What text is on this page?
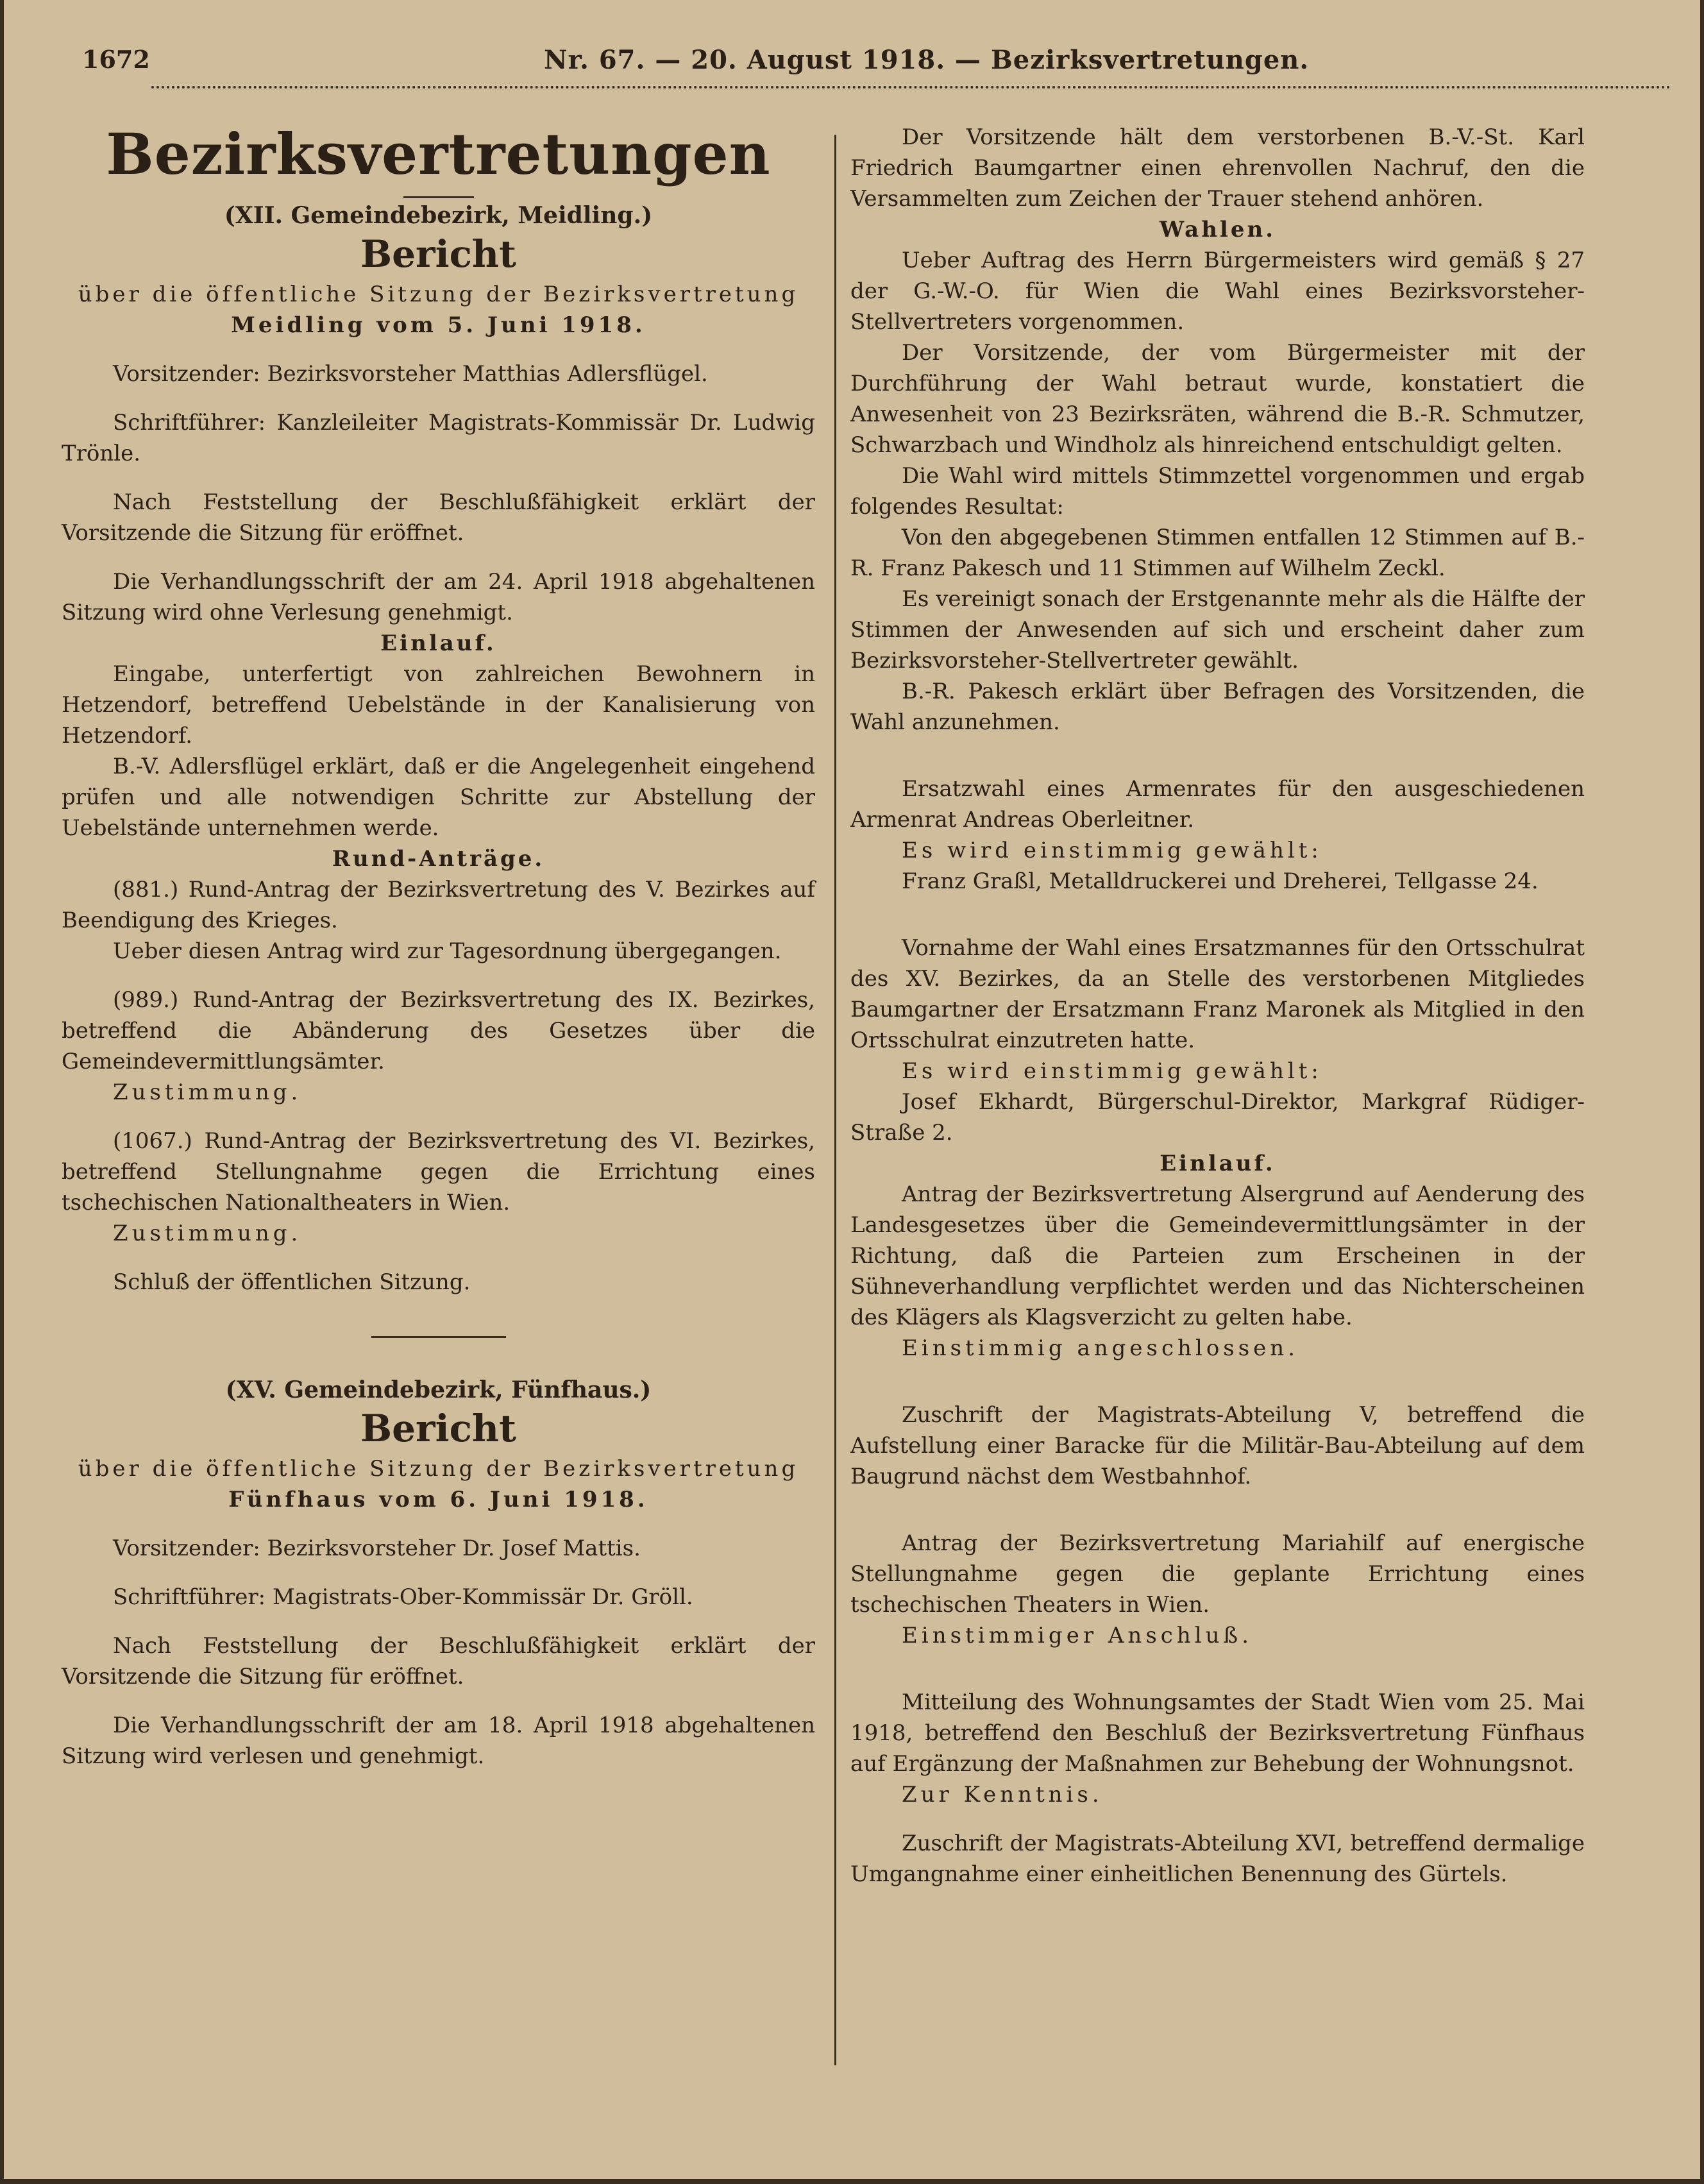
1672	Nr. 67. — 20. August 1918. — Bezirksvertretungen.

Bezirksvertretungen

(XII. Gemeindebezirk, Meidling.)

Bericht

über die öffentliche Sitzung der Bezirksvertretung

Meidling vom 5. Juni 1918.

Vorsitzender: Bezirksvorsteher Matthias Adlersflügel.

Schriftführer: Kanzleileiter Magistrats-Kommissär Dr. Ludwig Trönle.

Nach Feststellung der Beschlußfähigkeit erklärt der Vorsitzende die Sitzung für eröffnet.

Die Verhandlungsschrift der am 24. April 1918 abgehaltenen Sitzung wird ohne Verlesung genehmigt.

Einlauf.

Eingabe, unterfertigt von zahlreichen Bewohnern in Hetzendorf, betreffend Uebelstände in der Kanalisierung von Hetzendorf.

B.-V. Adlersflügel erklärt, daß er die Angelegenheit eingehend prüfen und alle notwendigen Schritte zur Abstellung der Uebelstände unternehmen werde.

Rund-Anträge.

(881.) Rund-Antrag der Bezirksvertretung des V. Bezirkes auf Beendigung des Krieges.

Ueber diesen Antrag wird zur Tagesordnung übergegangen.

(989.) Rund-Antrag der Bezirksvertretung des IX. Bezirkes, betreffend die Abänderung des Gesetzes über die Gemeindevermittlungsämter.

Zustimmung.

(1067.) Rund-Antrag der Bezirksvertretung des VI. Bezirkes, betreffend Stellungnahme gegen die Errichtung eines tschechischen Nationaltheaters in Wien.

Zustimmung.

Schluß der öffentlichen Sitzung.

(XV. Gemeindebezirk, Fünfhaus.)

Bericht

über die öffentliche Sitzung der Bezirksvertretung

Fünfhaus vom 6. Juni 1918.

Vorsitzender: Bezirksvorsteher Dr. Josef Mattis.

Schriftführer: Magistrats-Ober-Kommissär Dr. Gröll.

Nach Feststellung der Beschlußfähigkeit erklärt der Vorsitzende die Sitzung für eröffnet.

Die Verhandlungsschrift der am 18. April 1918 abgehaltenen Sitzung wird verlesen und genehmigt.

Der Vorsitzende hält dem verstorbenen B.-V.-St. Karl Friedrich Baumgartner einen ehrenvollen Nachruf, den die Versammelten zum Zeichen der Trauer stehend anhören.

Wahlen.

Ueber Auftrag des Herrn Bürgermeisters wird gemäß § 27 der G.-W.-O. für Wien die Wahl eines Bezirksvorsteher-Stellvertreters vorgenommen.

Der Vorsitzende, der vom Bürgermeister mit der Durchführung der Wahl betraut wurde, konstatiert die Anwesenheit von 23 Bezirksräten, während die B.-R. Schmutzer, Schwarzbach und Windholz als hinreichend entschuldigt gelten.

Die Wahl wird mittels Stimmzettel vorgenommen und ergab folgendes Resultat:

Von den abgegebenen Stimmen entfallen 12 Stimmen auf B.-R. Franz Pakesch und 11 Stimmen auf Wilhelm Zeckl.

Es vereinigt sonach der Erstgenannte mehr als die Hälfte der Stimmen der Anwesenden auf sich und erscheint daher zum Bezirksvorsteher-Stellvertreter gewählt.

B.-R. Pakesch erklärt über Befragen des Vorsitzenden, die Wahl anzunehmen.

Ersatzwahl eines Armenrates für den ausgeschiedenen Armenrat Andreas Oberleitner.

Es wird einstimmig gewählt:

Franz Graßl, Metalldruckerei und Dreherei, Tellgasse 24.

Vornahme der Wahl eines Ersatzmannes für den Ortsschulrat des XV. Bezirkes, da an Stelle des verstorbenen Mitgliedes Baumgartner der Ersatzmann Franz Maronek als Mitglied in den Ortsschulrat einzutreten hatte.

Es wird einstimmig gewählt:

Josef Ekhardt, Bürgerschul-Direktor, Markgraf Rüdiger-Straße 2.

Einlauf.

Antrag der Bezirksvertretung Alsergrund auf Aenderung des Landesgesetzes über die Gemeindevermittlungsämter in der Richtung, daß die Parteien zum Erscheinen in der Sühneverhandlung verpflichtet werden und das Nichterscheinen des Klägers als Klagsverzicht zu gelten habe.

Einstimmig angeschlossen.

Zuschrift der Magistrats-Abteilung V, betreffend die Aufstellung einer Baracke für die Militär-Bau-Abteilung auf dem Baugrund nächst dem Westbahnhof.

Antrag der Bezirksvertretung Mariahilf auf energische Stellungnahme gegen die geplante Errichtung eines tschechischen Theaters in Wien.

Einstimmiger Anschluß.

Mitteilung des Wohnungsamtes der Stadt Wien vom 25. Mai 1918, betreffend den Beschluß der Bezirksvertretung Fünfhaus auf Ergänzung der Maßnahmen zur Behebung der Wohnungsnot.

Zur Kenntnis.

Zuschrift der Magistrats-Abteilung XVI, betreffend dermalige Umgangnahme einer einheitlichen Benennung des Gürtels.
